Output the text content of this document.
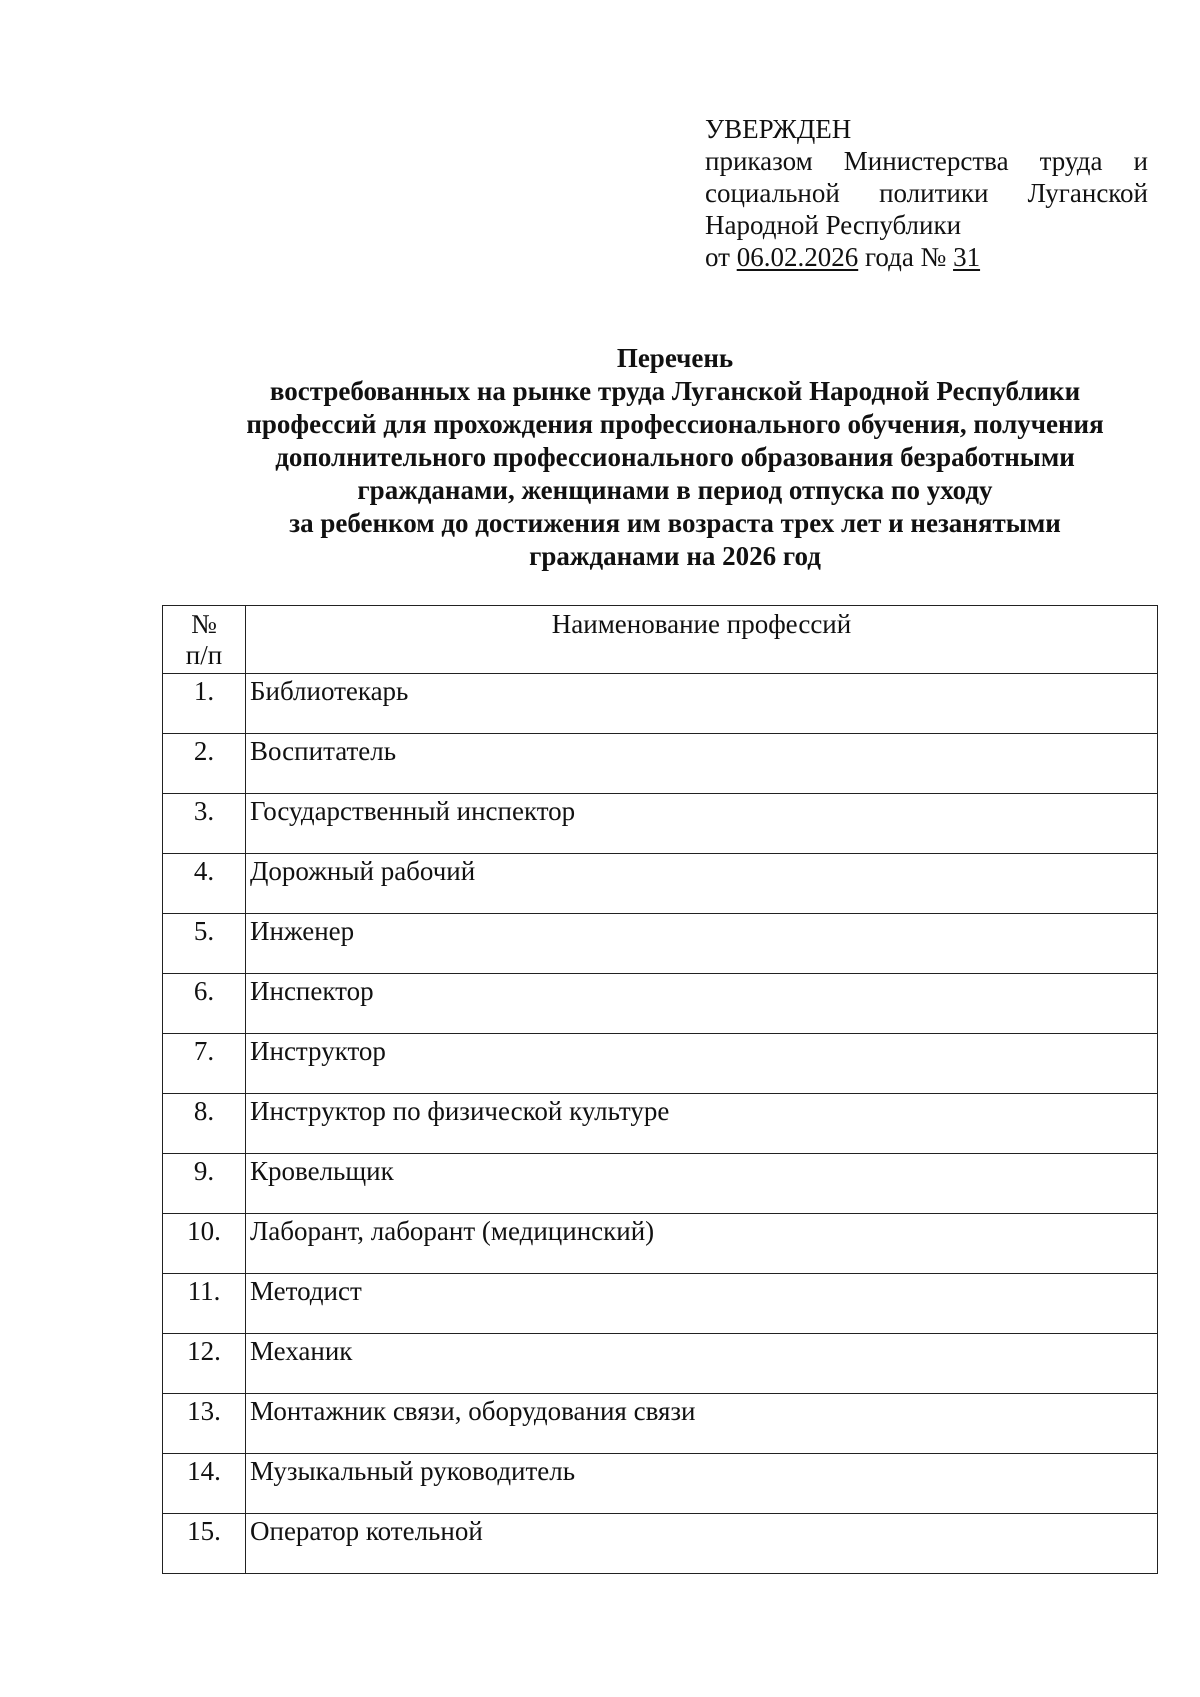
УВЕРЖДЕН
приказом Министерства труда и
социальной политики Луганской
Народной Республики
от 06.02.2026 года № 31
Перечень
востребованных на рынке труда Луганской Народной Республики
профессий для прохождения профессионального обучения, получения
дополнительного профессионального образования безработными
гражданами, женщинами в период отпуска по уходу
за ребенком до достижения им возраста трех лет и незанятыми
гражданами на 2026 год
№
п/п	Наименование профессий
1.	Библиотекарь
2.	Воспитатель
3.	Государственный инспектор
4.	Дорожный рабочий
5.	Инженер
6.	Инспектор
7.	Инструктор
8.	Инструктор по физической культуре
9.	Кровельщик
10.	Лаборант, лаборант (медицинский)
11.	Методист
12.	Механик
13.	Монтажник связи, оборудования связи
14.	Музыкальный руководитель
15.	Оператор котельной
